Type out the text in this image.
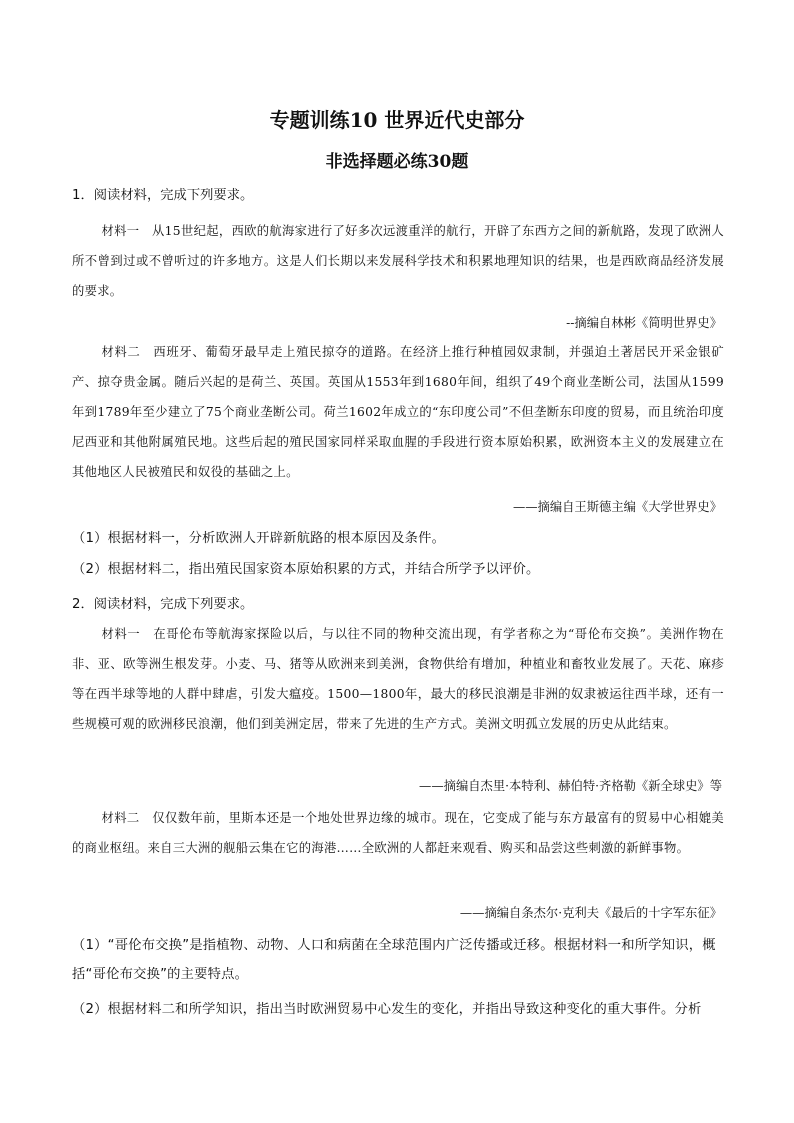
专题训练10 世界近代史部分
非选择题必练30题
1．阅读材料，完成下列要求。
材料一　从15世纪起，西欧的航海家进行了好多次远渡重洋的航行，开辟了东西方之间的新航路，发现了欧洲人所不曾到过或不曾听过的许多地方。这是人们长期以来发展科学技术和积累地理知识的结果，也是西欧商品经济发展的要求。
--摘编自林彬《简明世界史》
材料二　西班牙、葡萄牙最早走上殖民掠夺的道路。在经济上推行种植园奴隶制，并强迫土著居民开采金银矿产、掠夺贵金属。随后兴起的是荷兰、英国。英国从1553年到1680年间，组织了49个商业垄断公司，法国从1599年到1789年至少建立了75个商业垄断公司。荷兰1602年成立的“东印度公司”不但垄断东印度的贸易，而且统治印度尼西亚和其他附属殖民地。这些后起的殖民国家同样采取血腥的手段进行资本原始积累，欧洲资本主义的发展建立在其他地区人民被殖民和奴役的基础之上。
——摘编自王斯德主编《大学世界史》
（1）根据材料一，分析欧洲人开辟新航路的根本原因及条件。
（2）根据材料二，指出殖民国家资本原始积累的方式，并结合所学予以评价。
2．阅读材料，完成下列要求。
材料一　在哥伦布等航海家探险以后，与以往不同的物种交流出现，有学者称之为“哥伦布交换”。美洲作物在非、亚、欧等洲生根发芽。小麦、马、猪等从欧洲来到美洲，食物供给有增加，种植业和畜牧业发展了。天花、麻疹等在西半球等地的人群中肆虐，引发大瘟疫。1500—1800年，最大的移民浪潮是非洲的奴隶被运往西半球，还有一些规模可观的欧洲移民浪潮，他们到美洲定居，带来了先进的生产方式。美洲文明孤立发展的历史从此结束。
——摘编自杰里·本特利、赫伯特·齐格勒《新全球史》等
材料二　仅仅数年前，里斯本还是一个地处世界边缘的城市。现在，它变成了能与东方最富有的贸易中心相媲美的商业枢纽。来自三大洲的舰船云集在它的海港……全欧洲的人都赶来观看、购买和品尝这些刺激的新鲜事物。
——摘编自条杰尔·克利夫《最后的十字军东征》
（1）“哥伦布交换”是指植物、动物、人口和病菌在全球范围内广泛传播或迁移。根据材料一和所学知识，概括“哥伦布交换”的主要特点。
（2）根据材料二和所学知识，指出当时欧洲贸易中心发生的变化，并指出导致这种变化的重大事件。分析
